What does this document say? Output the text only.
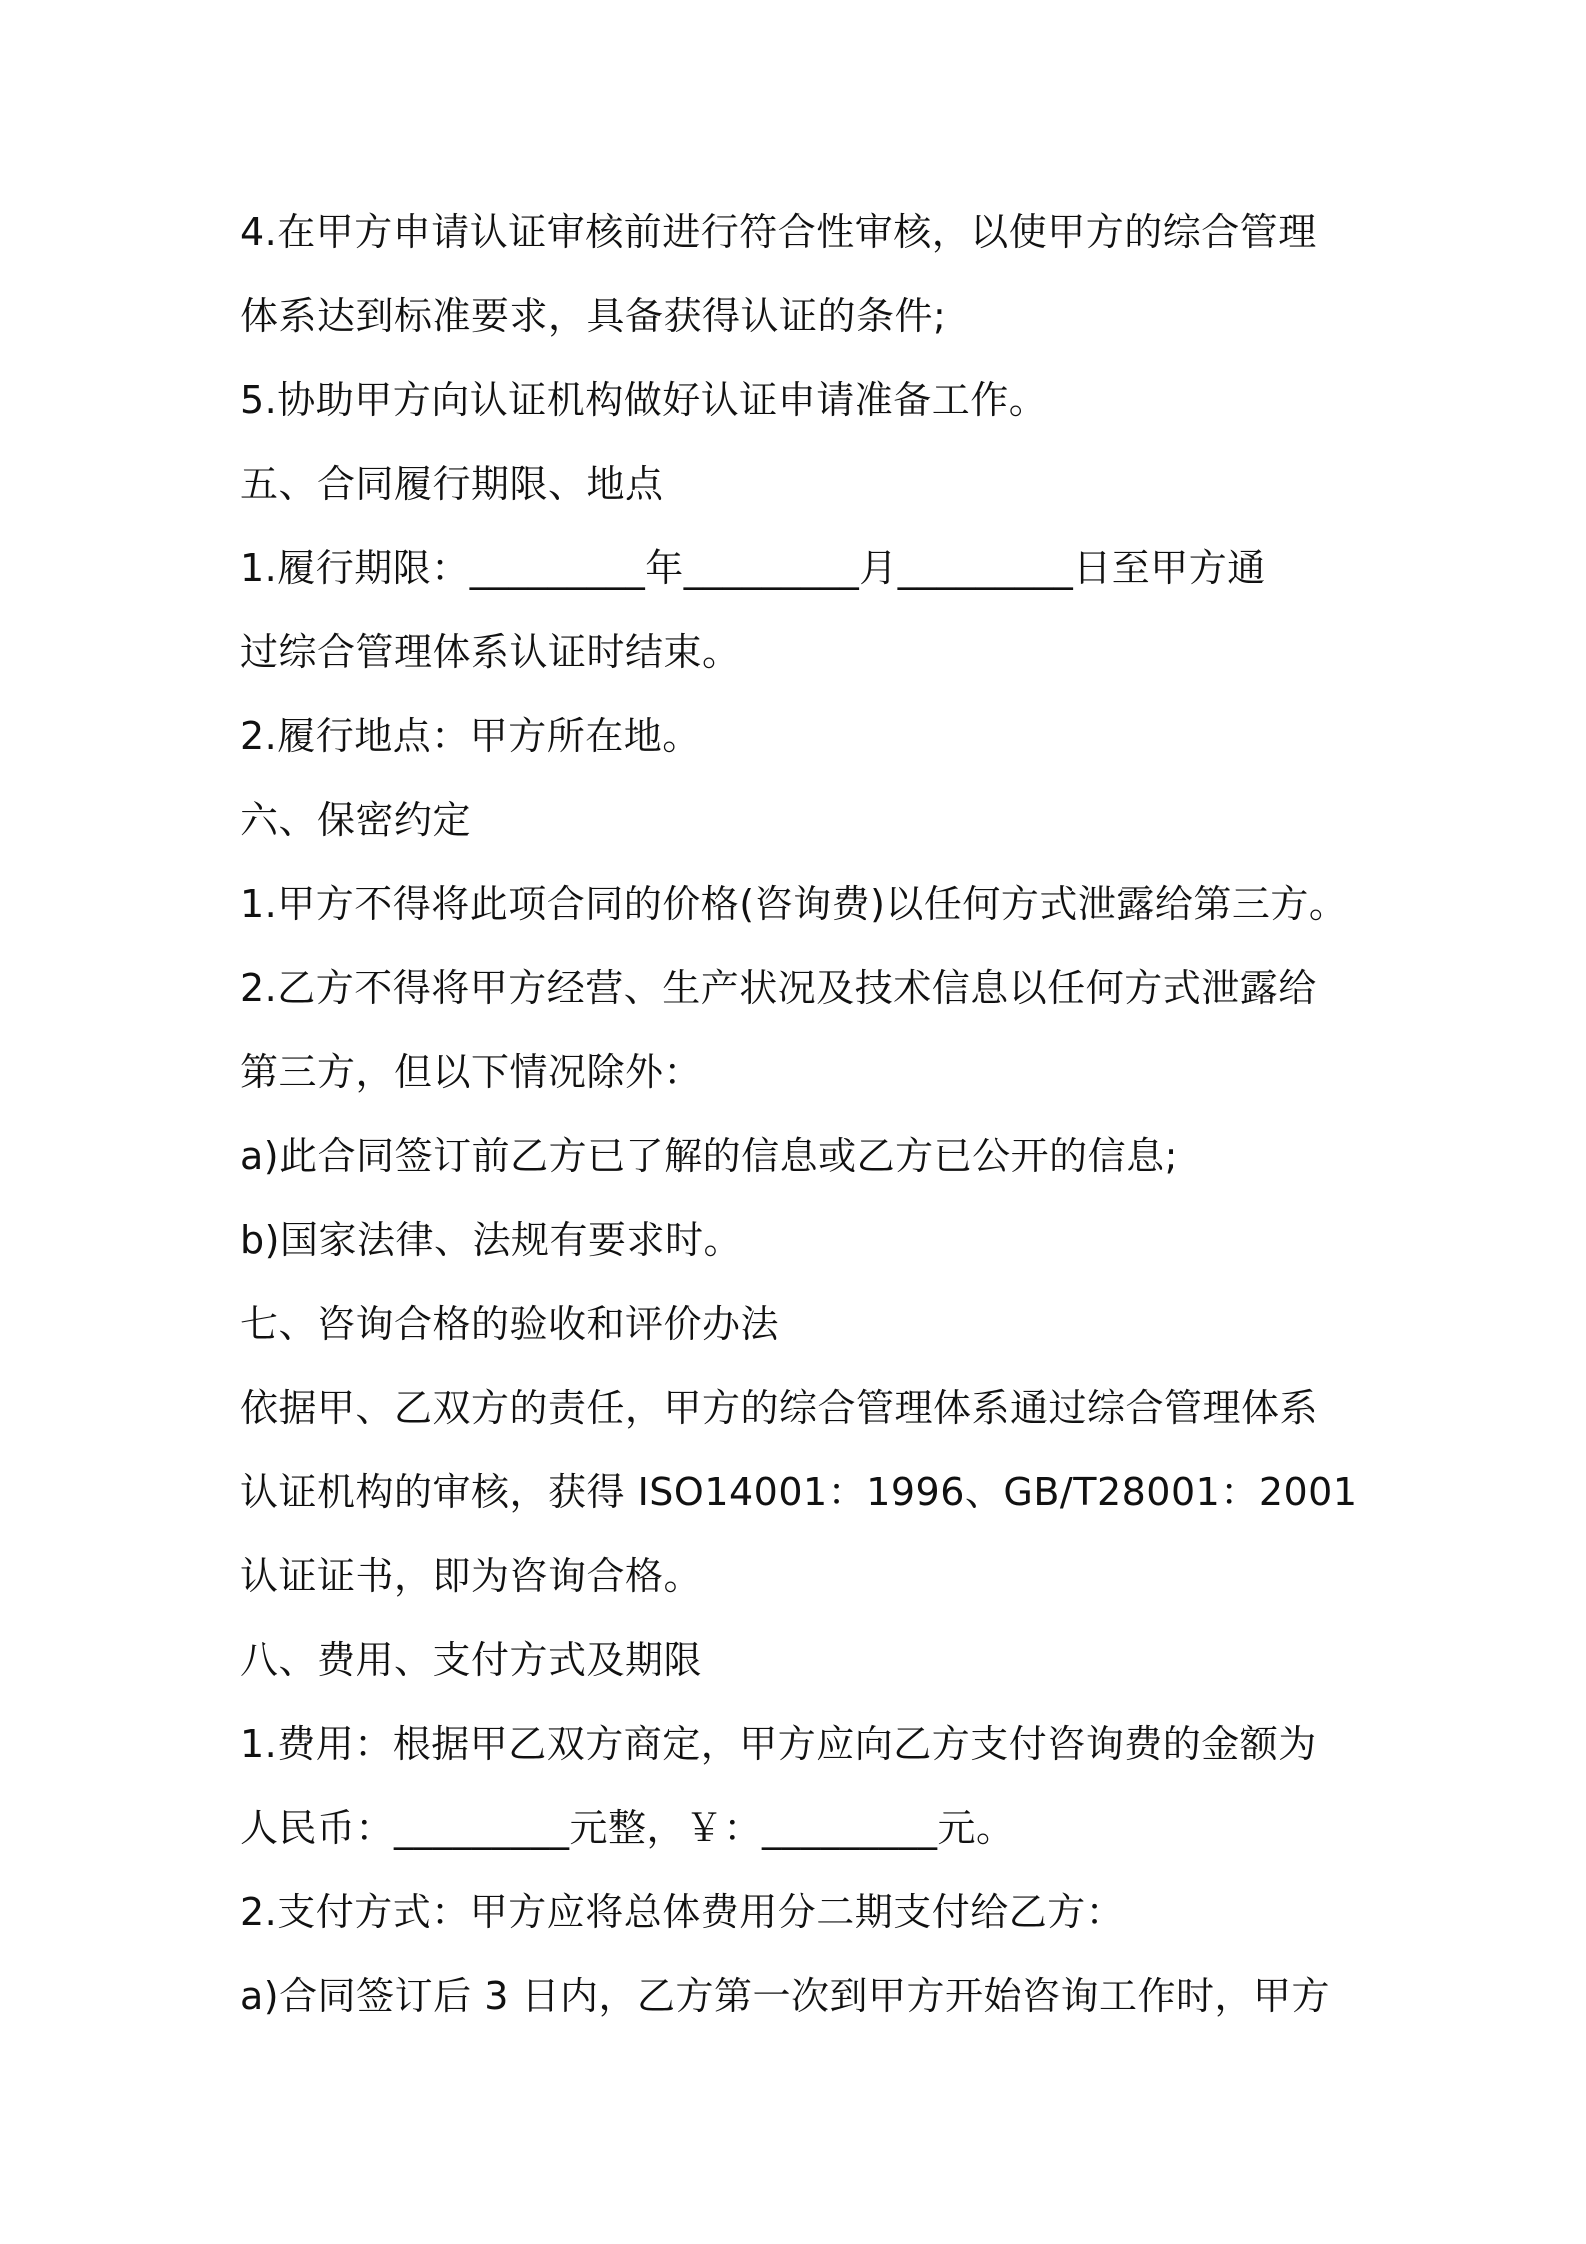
4.在甲方申请认证审核前进行符合性审核，以使甲方的综合管理
体系达到标准要求，具备获得认证的条件;
5.协助甲方向认证机构做好认证申请准备工作。
五、合同履行期限、地点
1.履行期限：_________年_________月_________日至甲方通
过综合管理体系认证时结束。
2.履行地点：甲方所在地。
六、保密约定
1.甲方不得将此项合同的价格(咨询费)以任何方式泄露给第三方。
2.乙方不得将甲方经营、生产状况及技术信息以任何方式泄露给
第三方，但以下情况除外：
a)此合同签订前乙方已了解的信息或乙方已公开的信息;
b)国家法律、法规有要求时。
七、咨询合格的验收和评价办法
依据甲、乙双方的责任，甲方的综合管理体系通过综合管理体系
认证机构的审核，获得 ISO14001：1996、GB/T28001：2001
认证证书，即为咨询合格。
八、费用、支付方式及期限
1.费用：根据甲乙双方商定，甲方应向乙方支付咨询费的金额为
人民币：_________元整，￥：_________元。
2.支付方式：甲方应将总体费用分二期支付给乙方：
a)合同签订后 3 日内，乙方第一次到甲方开始咨询工作时，甲方
